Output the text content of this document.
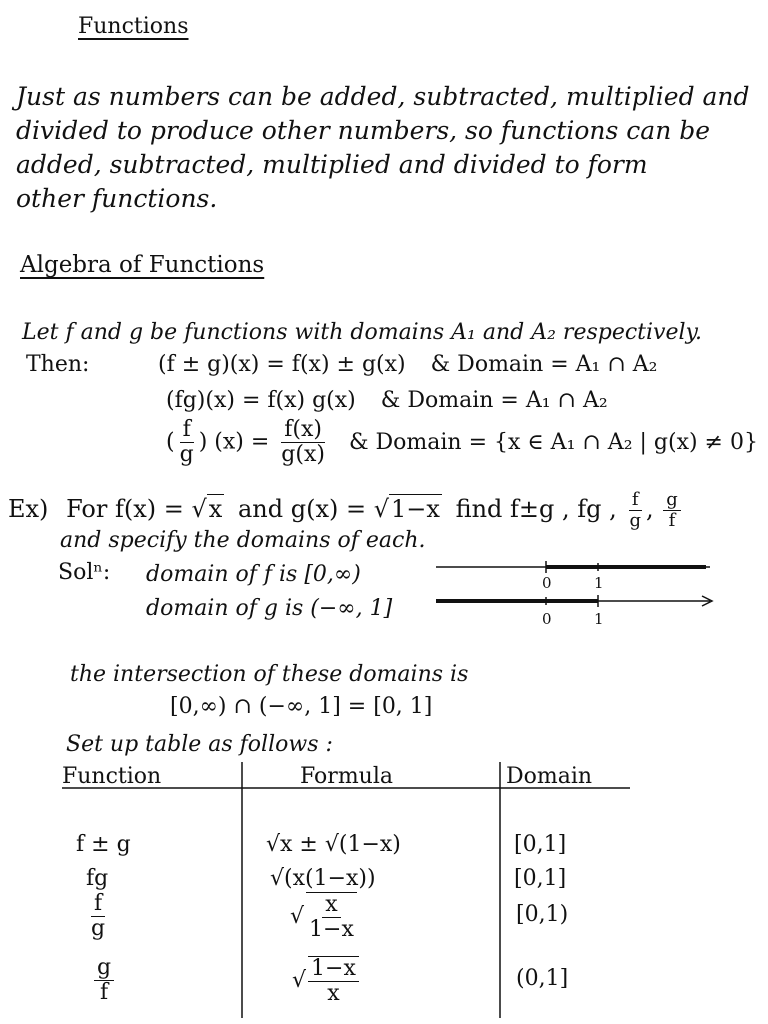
Functions
Just as numbers can be added, subtracted, multiplied and
divided to produce other numbers, so functions can be
added, subtracted, multiplied and divided to form
other functions.
Algebra of Functions
Let f and g be functions with domains A₁ and A₂ respectively.
Then:	(f ± g)(x) = f(x) ± g(x) & Domain = A₁ ∩ A₂
(fg)(x) = f(x) g(x) & Domain = A₁ ∩ A₂
( $\frac{f}{g}$ ) $(x) = \frac{f(x)}{g(x)}$ & Domain = {x ∈ A₁ ∩ A₂ | g(x) ≠ 0}
Ex) For f(x) = √x and g(x) = √1−x find f±g , fg , $\frac{f}{g}$ , $\frac{g}{f}$
and specify the domains of each.
Solⁿ: domain of f is [0,∞)
domain of g is (−∞, 1]
0	1
0	1
the intersection of these domains is
[0,∞) ∩ (−∞, 1] = [0, 1]
Set up table as follows :
Function	Formula	Domain
f ± g	√x ± √(1−x)	[0,1]
fg	√(x(1−x))	[0,1]
$\frac{f}{g}$	√ $\frac{x}{1-x}$	[0,1)
$\frac{g}{f}$	√ $\frac{1-x}{x}$	(0,1]
